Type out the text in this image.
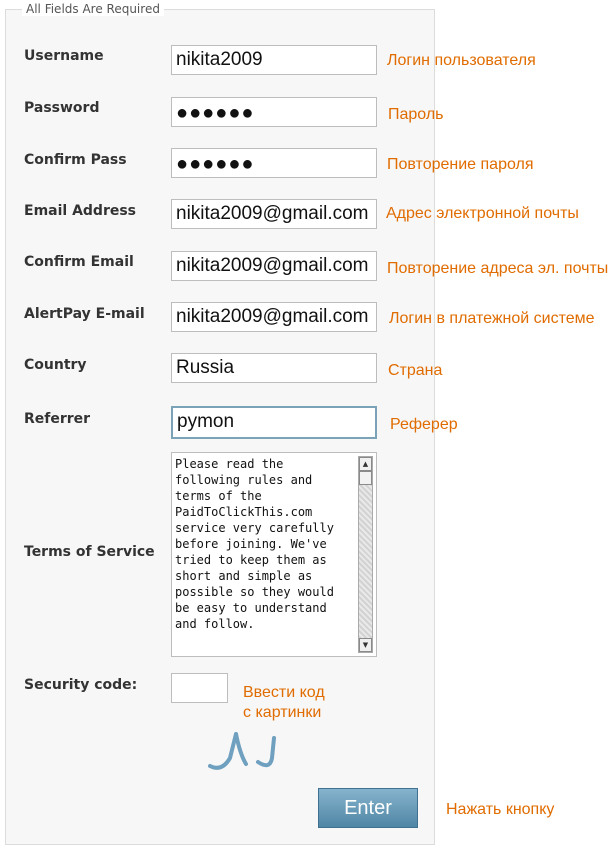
All Fields Are Required
Username	nikita2009	Логин пользователя
Password	●●●●●●	Пароль
Confirm Pass ●●●●●●	Повторение пароля
Email Address nikita2009@gmail.com	Адрес электронной почты
Confirm Email nikita2009@gmail.com	Повторение адреса эл. почты
AlertPay E-mail nikita2009@gmail.com	Логин в платежной системе
Country	Russia	Страна
Referrer	pymon	Реферер
Terms of Service
Please read the following rules and terms of the PaidToClickThis.com service very carefully before joining. We've tried to keep them as short and simple as possible so they would be easy to understand and follow.
▲
▼
Security code:	Ввести код
с картинки
Enter	Нажать кнопку
